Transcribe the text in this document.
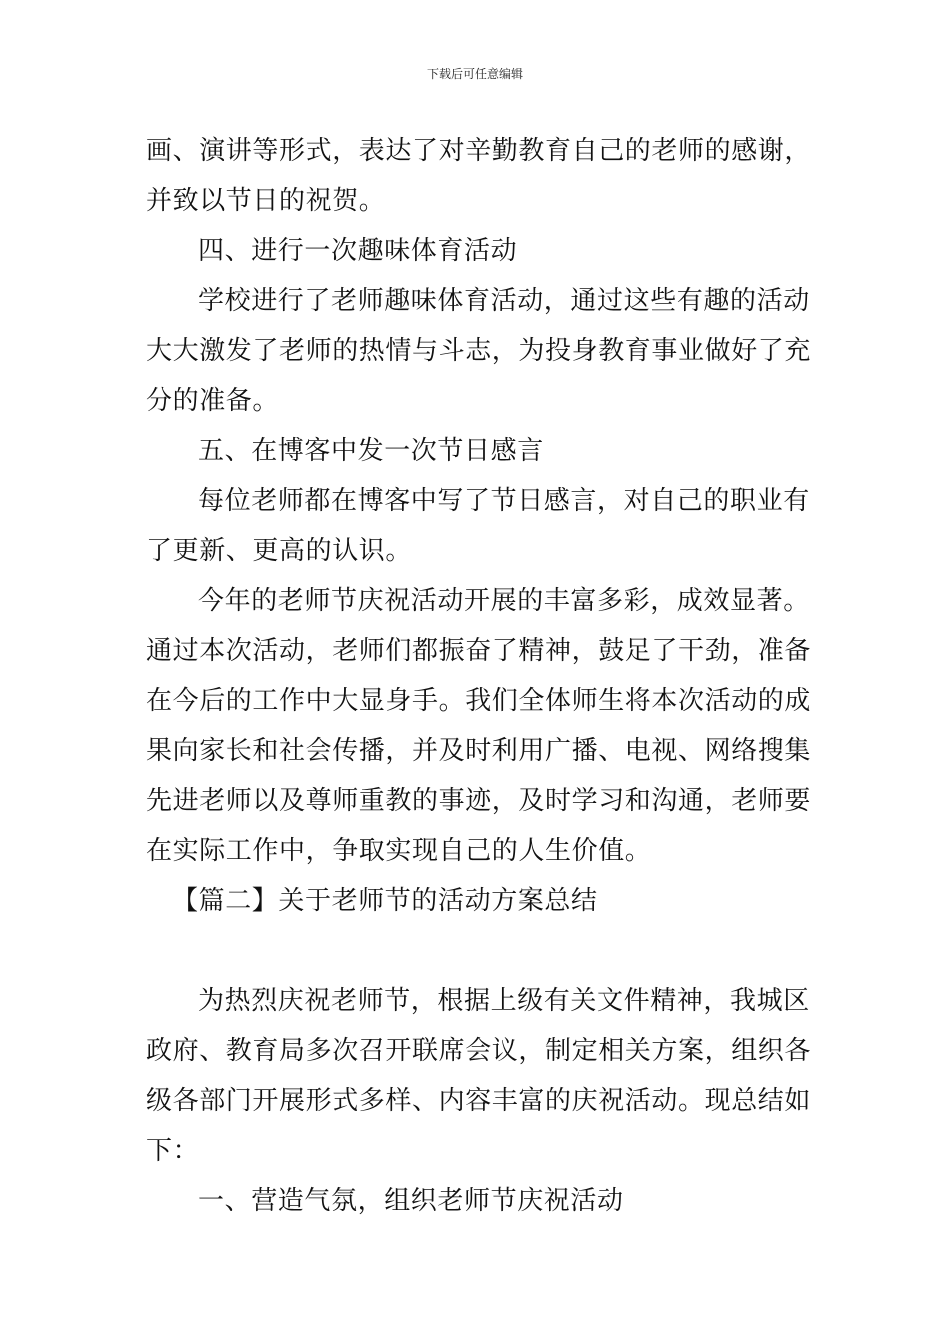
下载后可任意编辑
画、演讲等形式，表达了对辛勤教育自己的老师的感谢，
并致以节日的祝贺。
四、进行一次趣味体育活动
学校进行了老师趣味体育活动，通过这些有趣的活动
大大激发了老师的热情与斗志，为投身教育事业做好了充
分的准备。
五、在博客中发一次节日感言
每位老师都在博客中写了节日感言，对自己的职业有
了更新、更高的认识。
今年的老师节庆祝活动开展的丰富多彩，成效显著。
通过本次活动，老师们都振奋了精神，鼓足了干劲，准备
在今后的工作中大显身手。我们全体师生将本次活动的成
果向家长和社会传播，并及时利用广播、电视、网络搜集
先进老师以及尊师重教的事迹，及时学习和沟通，老师要
在实际工作中，争取实现自己的人生价值。
【篇二】关于老师节的活动方案总结
为热烈庆祝老师节，根据上级有关文件精神，我城区
政府、教育局多次召开联席会议，制定相关方案，组织各
级各部门开展形式多样、内容丰富的庆祝活动。现总结如
下：
一、营造气氛，组织老师节庆祝活动
